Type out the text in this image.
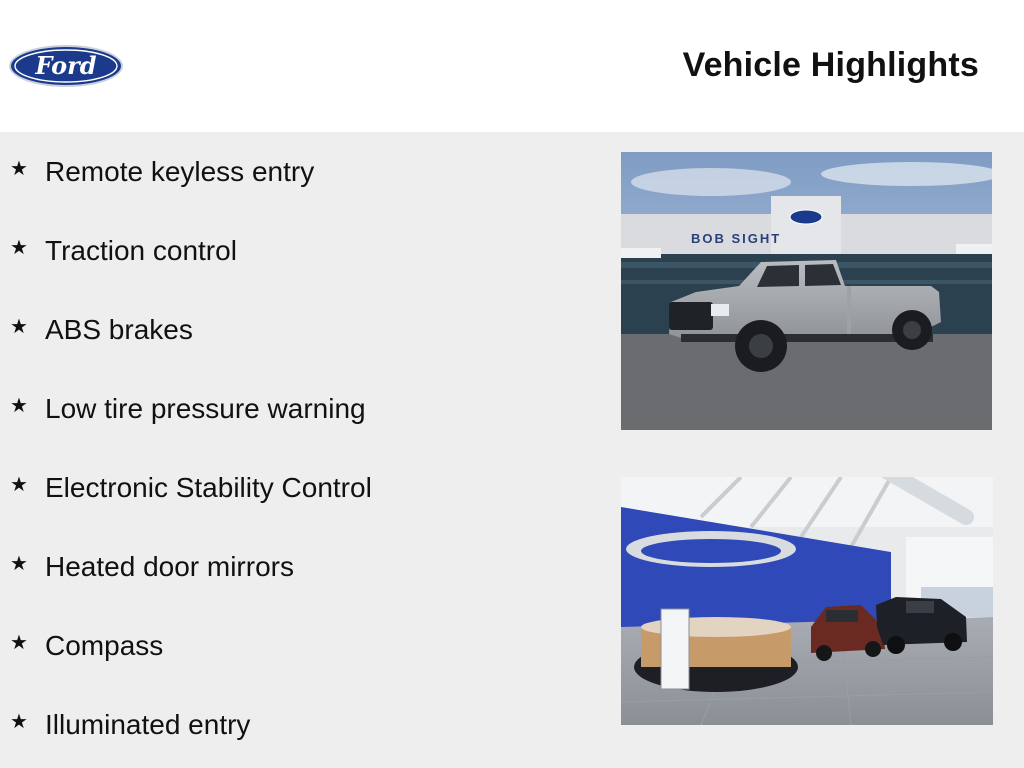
Ford	Vehicle Highlights
★ Remote keyless entry
★ Traction control
★ ABS brakes
★ Low tire pressure warning
★ Electronic Stability Control
★ Heated door mirrors
★ Compass
★ Illuminated entry
BOB SIGHT
